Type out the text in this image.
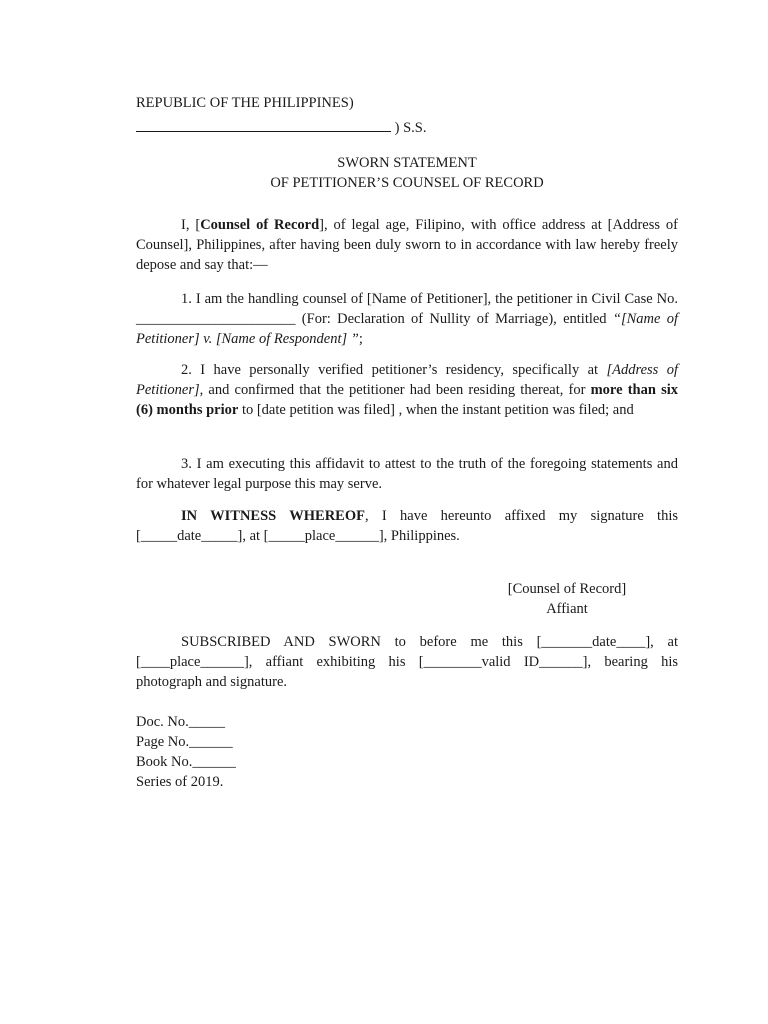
REPUBLIC OF THE PHILIPPINES)
) S.S.
SWORN STATEMENT
OF PETITIONER’S COUNSEL OF RECORD

I, [Counsel of Record], of legal age, Filipino, with office address at [Address of Counsel], Philippines, after having been duly sworn to in accordance with law hereby freely depose and say that:—

1. I am the handling counsel of [Name of Petitioner], the petitioner in Civil Case No. ______________________ (For: Declaration of Nullity of Marriage), entitled “[Name of Petitioner] v. [Name of Respondent] ”;

2. I have personally verified petitioner’s residency, specifically at [Address of Petitioner], and confirmed that the petitioner had been residing thereat, for more than six (6) months prior to [date petition was filed] , when the instant petition was filed; and

3. I am executing this affidavit to attest to the truth of the foregoing statements and for whatever legal purpose this may serve.

IN WITNESS WHEREOF, I have hereunto affixed my signature this [_____date_____], at [_____place______], Philippines.

[Counsel of Record]
Affiant

SUBSCRIBED AND SWORN to before me this [_______date____], at [____place______], affiant exhibiting his [________valid ID______], bearing his photograph and signature.

Doc. No._____
Page No.______
Book No.______
Series of 2019.
